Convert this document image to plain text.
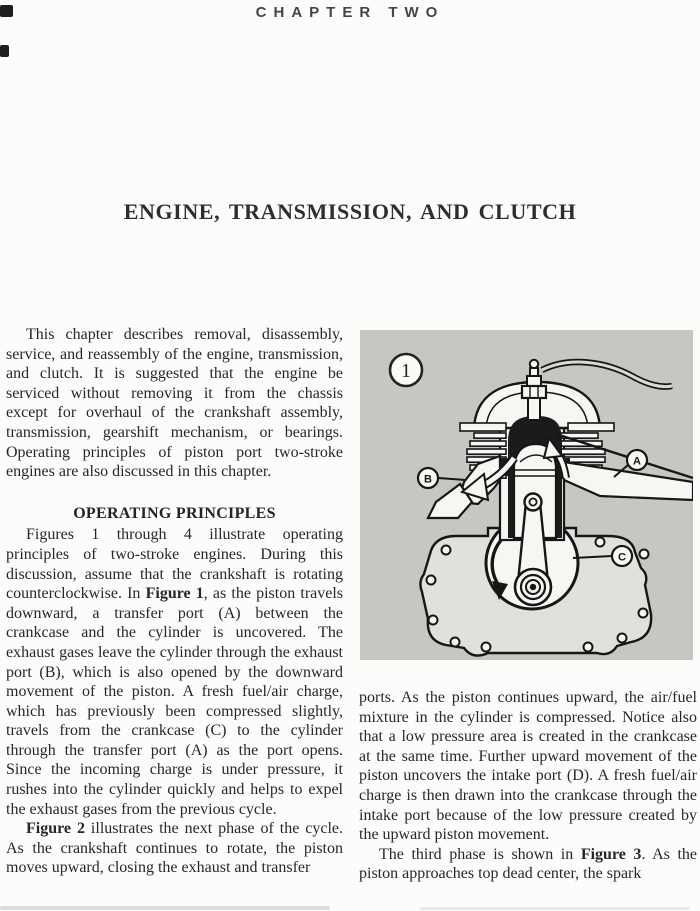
CHAPTER TWO
ENGINE, TRANSMISSION, AND CLUTCH

This chapter describes removal, disassembly, service, and reassembly of the engine, transmission, and clutch. It is suggested that the engine be serviced without removing it from the chassis except for overhaul of the crankshaft assembly, transmission, gearshift mechanism, or bearings. Operating principles of piston port two-stroke engines are also discussed in this chapter.

OPERATING PRINCIPLES

Figures 1 through 4 illustrate operating principles of two-stroke engines. During this discussion, assume that the crankshaft is rotating counterclockwise. In Figure 1, as the piston travels downward, a transfer port (A) between the crankcase and the cylinder is uncovered. The exhaust gases leave the cylinder through the exhaust port (B), which is also opened by the downward movement of the piston. A fresh fuel/air charge, which has previously been compressed slightly, travels from the crankcase (C) to the cylinder through the transfer port (A) as the port opens. Since the incoming charge is under pressure, it rushes into the cylinder quickly and helps to expel the exhaust gases from the previous cycle.

Figure 2 illustrates the next phase of the cycle. As the crankshaft continues to rotate, the piston moves upward, closing the exhaust and transfer

A
B
C
1

ports. As the piston continues upward, the air/fuel mixture in the cylinder is compressed. Notice also that a low pressure area is created in the crankcase at the same time. Further upward movement of the piston uncovers the intake port (D). A fresh fuel/air charge is then drawn into the crankcase through the intake port because of the low pressure created by the upward piston movement.

The third phase is shown in Figure 3. As the piston approaches top dead center, the spark
